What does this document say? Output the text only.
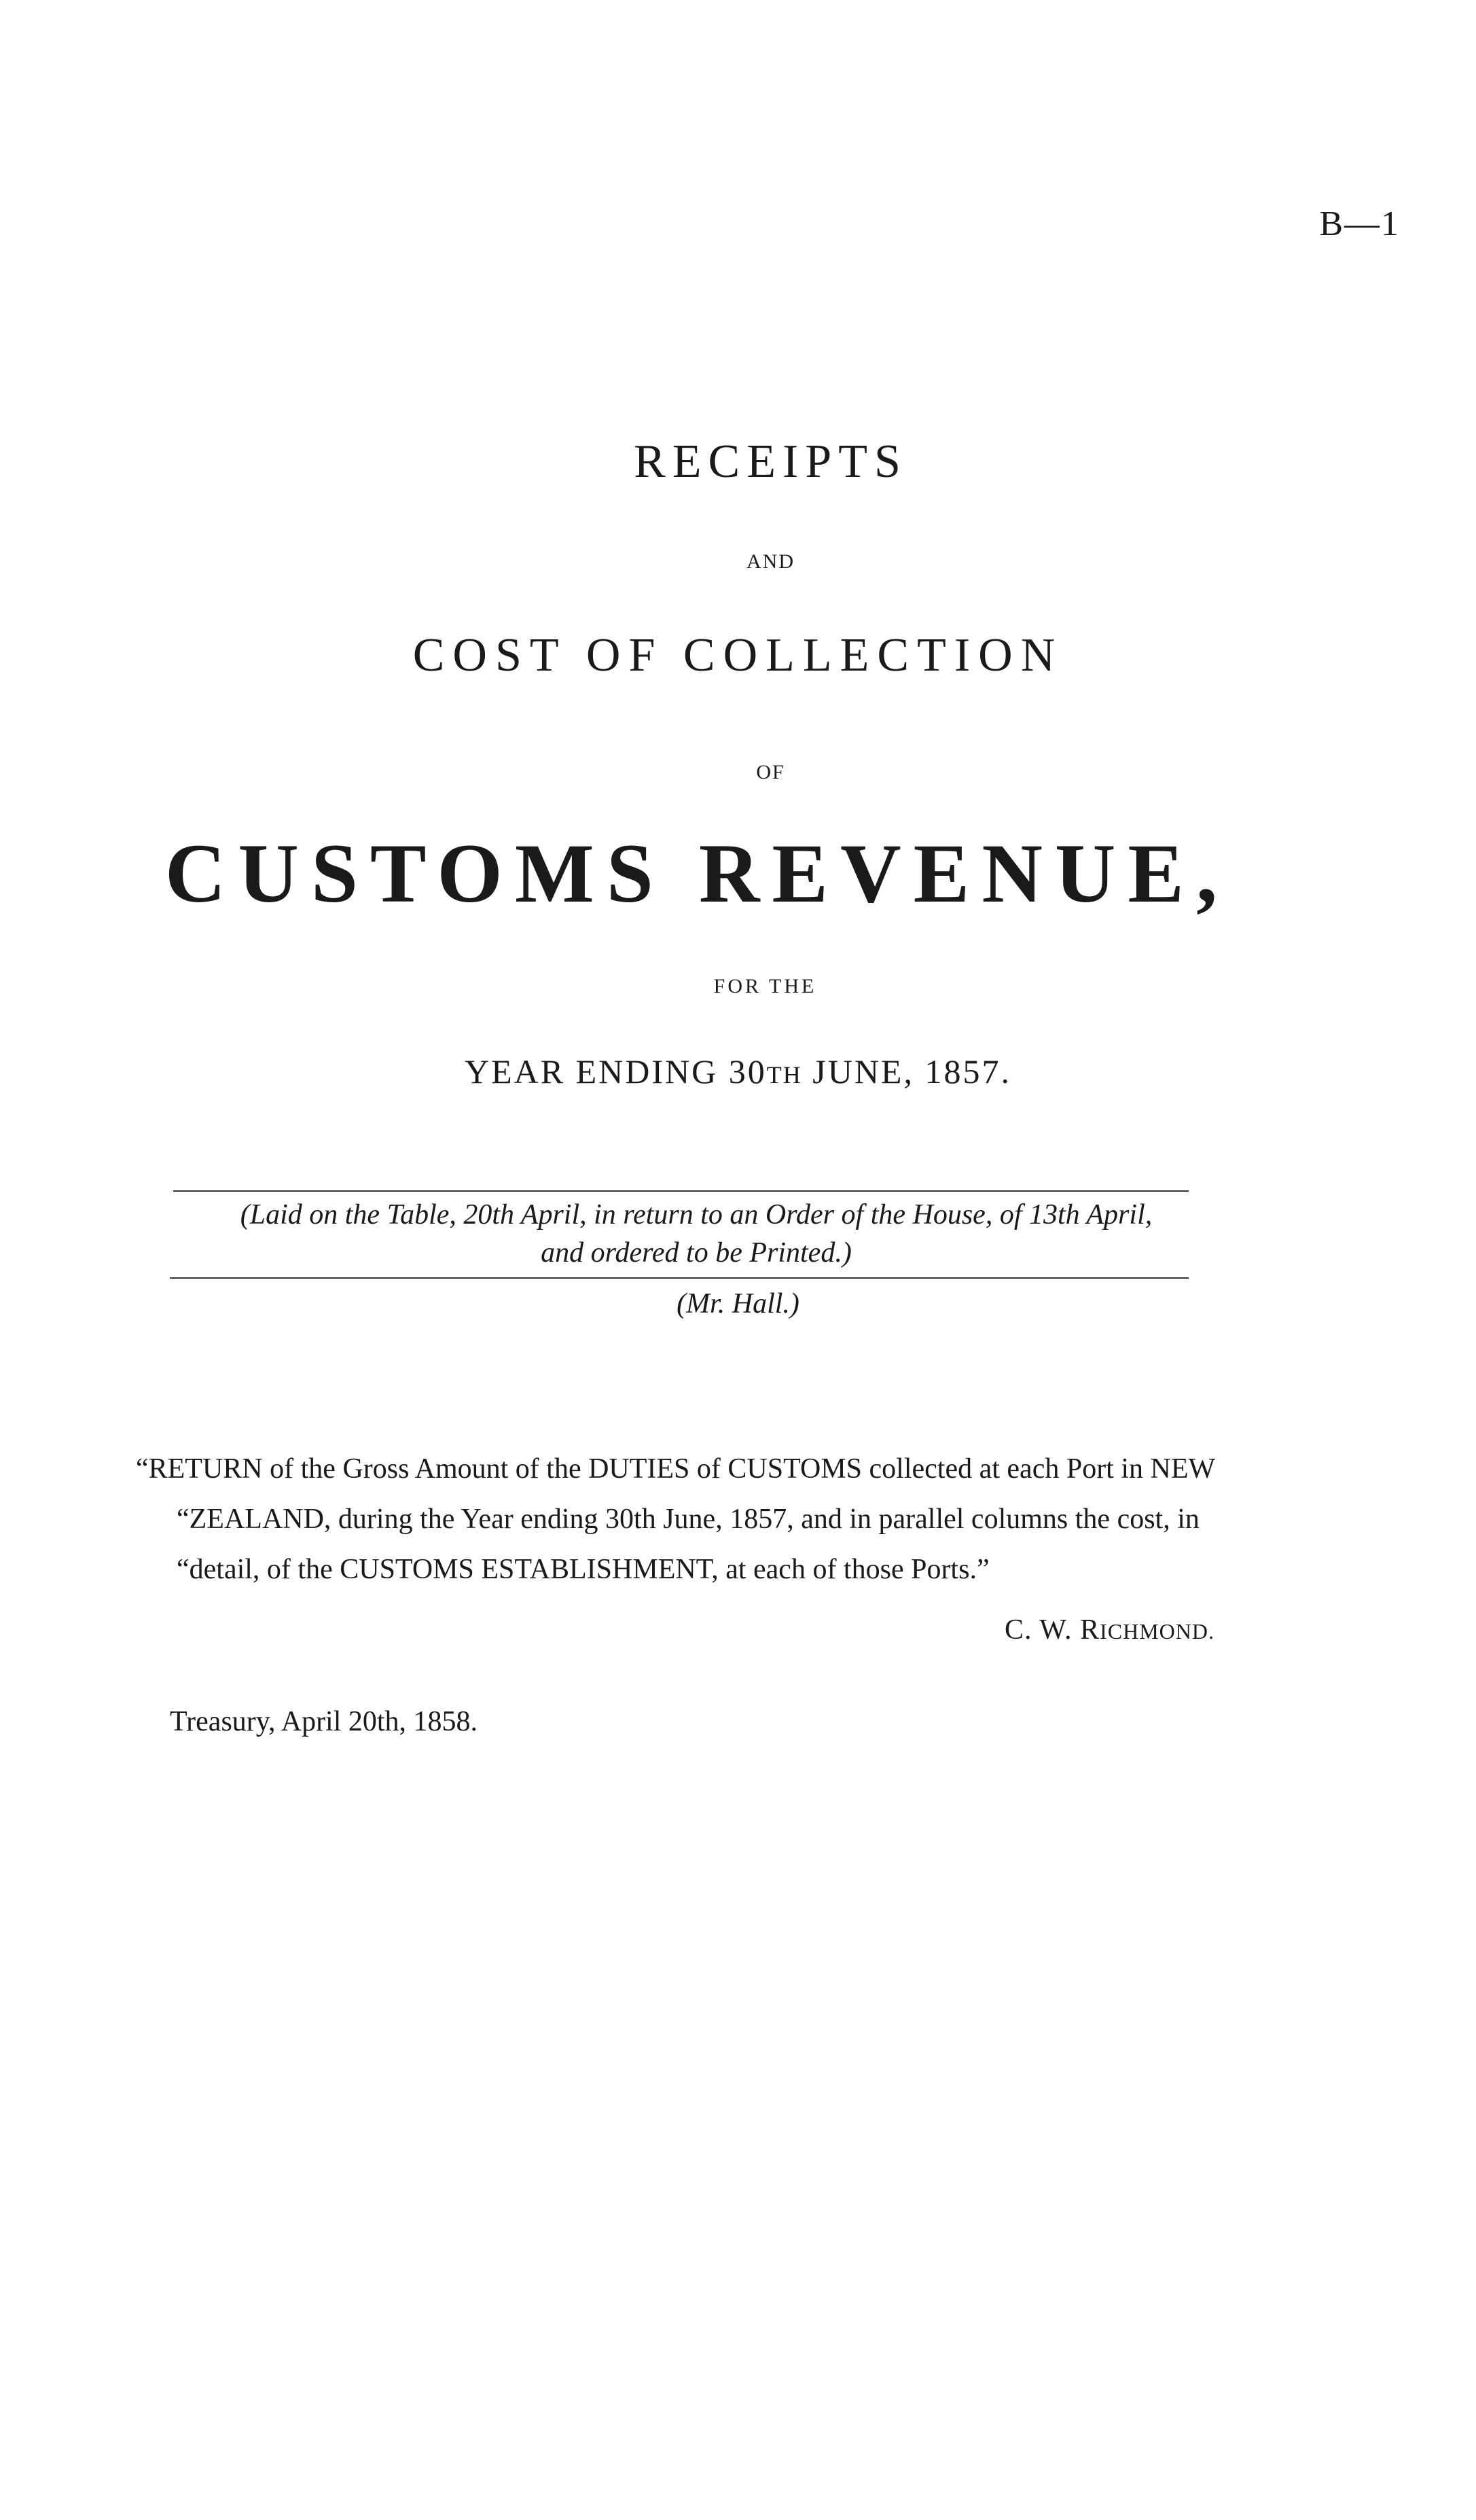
B—1
RECEIPTS
AND
COST OF COLLECTION
OF
CUSTOMS REVENUE,
FOR THE
YEAR ENDING 30TH JUNE, 1857.
(Laid on the Table, 20th April, in return to an Order of the House, of 13th April,
and ordered to be Printed.)
(Mr. Hall.)
“RETURN of the Gross Amount of the DUTIES of CUSTOMS collected at each Port in NEW
“ZEALAND, during the Year ending 30th June, 1857, and in parallel columns the cost, in
“detail, of the CUSTOMS ESTABLISHMENT, at each of those Ports.”
C. W. RICHMOND.
Treasury, April 20th, 1858.
